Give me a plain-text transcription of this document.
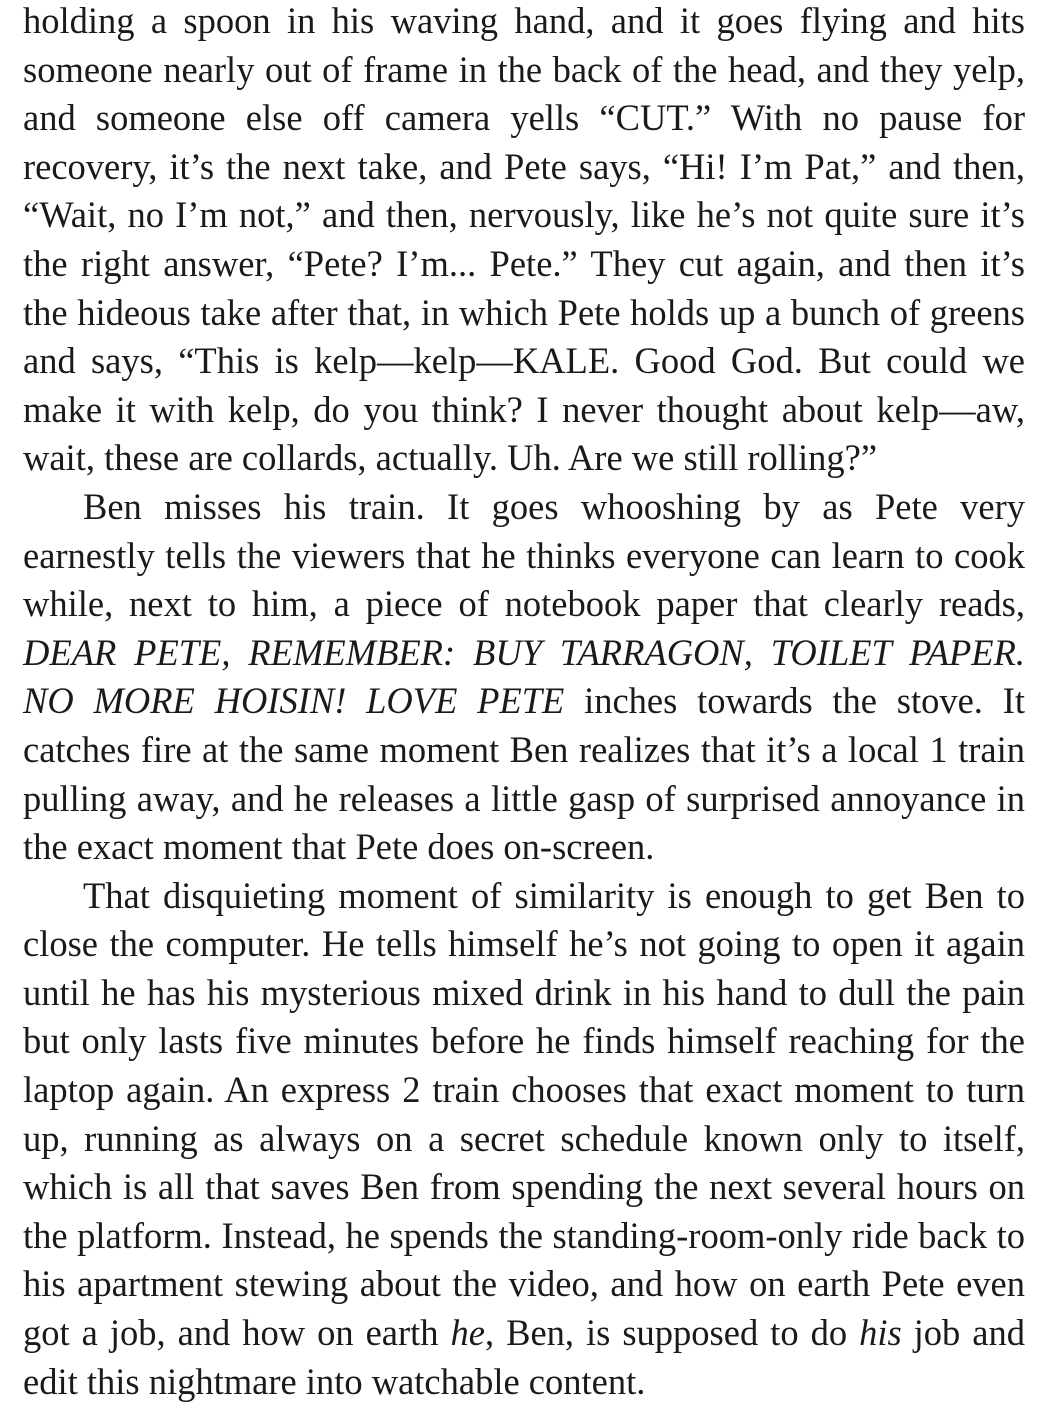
holding a spoon in his waving hand, and it goes flying and hits someone nearly out of frame in the back of the head, and they yelp, and someone else off camera yells “CUT.” With no pause for recovery, it’s the next take, and Pete says, “Hi! I’m Pat,” and then, “Wait, no I’m not,” and then, nervously, like he’s not quite sure it’s the right answer, “Pete? I’m... Pete.” They cut again, and then it’s the hideous take after that, in which Pete holds up a bunch of greens and says, “This is kelp—kelp—KALE. Good God. But could we make it with kelp, do you think? I never thought about kelp—aw, wait, these are collards, actually. Uh. Are we still rolling?”

Ben misses his train. It goes whooshing by as Pete very earnestly tells the viewers that he thinks everyone can learn to cook while, next to him, a piece of notebook paper that clearly reads, DEAR PETE, REMEMBER: BUY TARRAGON, TOILET PAPER. NO MORE HOISIN! LOVE PETE inches towards the stove. It catches fire at the same moment Ben realizes that it’s a local 1 train pulling away, and he releases a little gasp of surprised annoyance in the exact moment that Pete does on-screen.

That disquieting moment of similarity is enough to get Ben to close the computer. He tells himself he’s not going to open it again until he has his mysterious mixed drink in his hand to dull the pain but only lasts five minutes before he finds himself reaching for the laptop again. An express 2 train chooses that exact moment to turn up, running as always on a secret schedule known only to itself, which is all that saves Ben from spending the next several hours on the platform. Instead, he spends the standing-room-only ride back to his apartment stewing about the video, and how on earth Pete even got a job, and how on earth he, Ben, is supposed to do his job and edit this nightmare into watchable content.
